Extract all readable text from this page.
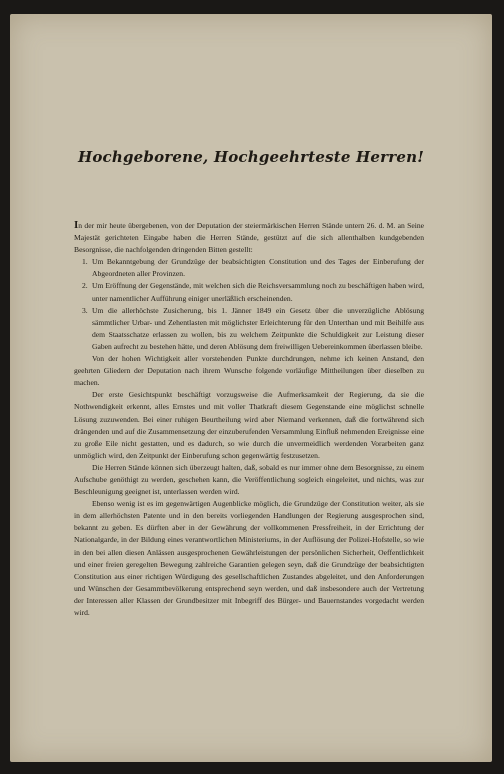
Hochgeborene, Hochgeehrteste Herren!

In der mir heute übergebenen, von der Deputation der steiermärkischen Herren Stände untern 26. d. M. an Seine Majestät gerichteten Eingabe haben die Herren Stände, gestützt auf die sich allenthalben kundgebenden Besorgnisse, die nachfolgenden dringenden Bitten gestellt:

1. Um Bekanntgebung der Grundzüge der beabsichtigten Constitution und des Tages der Einberufung der Abgeordneten aller Provinzen.
2. Um Eröffnung der Gegenstände, mit welchen sich die Reichsversammlung noch zu beschäftigen haben wird, unter namentlicher Aufführung einiger unerläßlich erscheinenden.
3. Um die allerhöchste Zusicherung, bis 1. Jänner 1849 ein Gesetz über die unverzügliche Ablösung sämmtlicher Urbar- und Zehentlasten mit möglichster Erleichterung für den Unterthan und mit Beihilfe aus dem Staatsschatze erlassen zu wollen, bis zu welchem Zeitpunkte die Schuldigkeit zur Leistung dieser Gaben aufrecht zu bestehen hätte, und deren Ablösung dem freiwilligen Uebereinkommen überlassen bleibe.

Von der hohen Wichtigkeit aller vorstehenden Punkte durchdrungen, nehme ich keinen Anstand, den geehrten Gliedern der Deputation nach ihrem Wunsche folgende vorläufige Mittheilungen über dieselben zu machen.

Der erste Gesichtspunkt beschäftigt vorzugsweise die Aufmerksamkeit der Regierung, da sie die Nothwendigkeit erkennt, alles Ernstes und mit voller Thatkraft diesem Gegenstande eine möglichst schnelle Lösung zuzuwenden. Bei einer ruhigen Beurtheilung wird aber Niemand verkennen, daß die fortwährend sich drängenden und auf die Zusammensetzung der einzuberufenden Versammlung Einfluß nehmenden Ereignisse eine zu große Eile nicht gestatten, und es dadurch, so wie durch die unvermeidlich werdenden Vorarbeiten ganz unmöglich wird, den Zeitpunkt der Einberufung schon gegenwärtig festzusetzen.

Die Herren Stände können sich überzeugt halten, daß, sobald es nur immer ohne dem Besorgnisse, zu einem Aufschube genöthigt zu werden, geschehen kann, die Veröffentlichung sogleich eingeleitet, und nichts, was zur Beschleunigung geeignet ist, unterlassen werden wird.

Ebenso wenig ist es im gegenwärtigen Augenblicke möglich, die Grundzüge der Constitution weiter, als sie in dem allerhöchsten Patente und in den bereits vorliegenden Handlungen der Regierung ausgesprochen sind, bekannt zu geben. Es dürften aber in der Gewährung der vollkommenen Pressfreiheit, in der Errichtung der Nationalgarde, in der Bildung eines verantwortlichen Ministeriums, in der Auflösung der Polizei-Hofstelle, so wie in den bei allen diesen Anlässen ausgesprochenen Gewährleistungen der persönlichen Sicherheit, Oeffentlichkeit und einer freien geregelten Bewegung zahlreiche Garantien gelegen seyn, daß die Grundzüge der beabsichtigten Constitution aus einer richtigen Würdigung des gesellschaftlichen Zustandes abgeleitet, und den Anforderungen und Wünschen der Gesammtbevölkerung entsprechend seyn werden, und daß insbesondere auch der Vertretung der Interessen aller Klassen der Grundbesitzer mit Inbegriff des Bürger- und Bauernstandes vorgedacht werden wird.
